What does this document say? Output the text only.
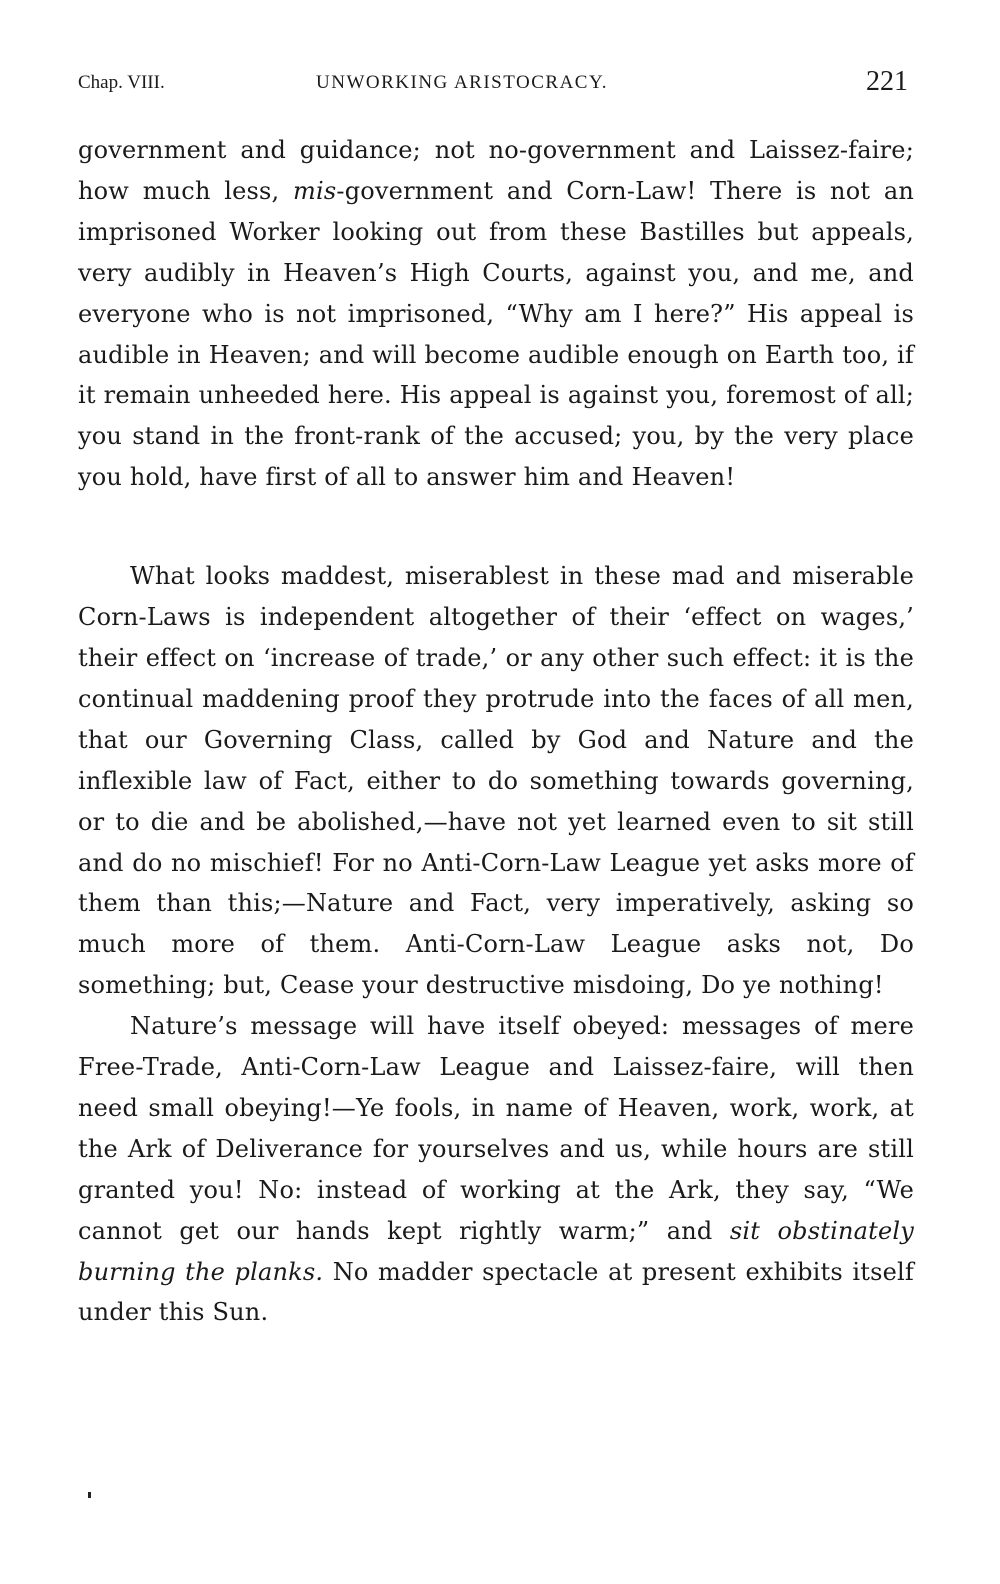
Chap. VIII.	UNWORKING ARISTOCRACY.	221

government and guidance; not no-government and Laissez-faire; how much less, mis-government and Corn-Law! There is not an imprisoned Worker looking out from these Bastilles but appeals, very audibly in Heaven’s High Courts, against you, and me, and everyone who is not imprisoned, “Why am I here?” His appeal is audible in Heaven; and will become audible enough on Earth too, if it remain unheeded here. His appeal is against you, foremost of all; you stand in the front-rank of the accused; you, by the very place you hold, have first of all to answer him and Heaven!

What looks maddest, miserablest in these mad and miserable Corn-Laws is independent altogether of their ‘effect on wages,’ their effect on ‘increase of trade,’ or any other such effect: it is the continual maddening proof they protrude into the faces of all men, that our Governing Class, called by God and Nature and the inflexible law of Fact, either to do something towards governing, or to die and be abolished,—have not yet learned even to sit still and do no mischief! For no Anti-Corn-Law League yet asks more of them than this;—Nature and Fact, very imperatively, asking so much more of them. Anti-Corn-Law League asks not, Do something; but, Cease your destructive misdoing, Do ye nothing!

Nature’s message will have itself obeyed: messages of mere Free-Trade, Anti-Corn-Law League and Laissez-faire, will then need small obeying!—Ye fools, in name of Heaven, work, work, at the Ark of Deliverance for yourselves and us, while hours are still granted you! No: instead of working at the Ark, they say, “We cannot get our hands kept rightly warm;” and sit obstinately burning the planks. No madder spectacle at present exhibits itself under this Sun.
